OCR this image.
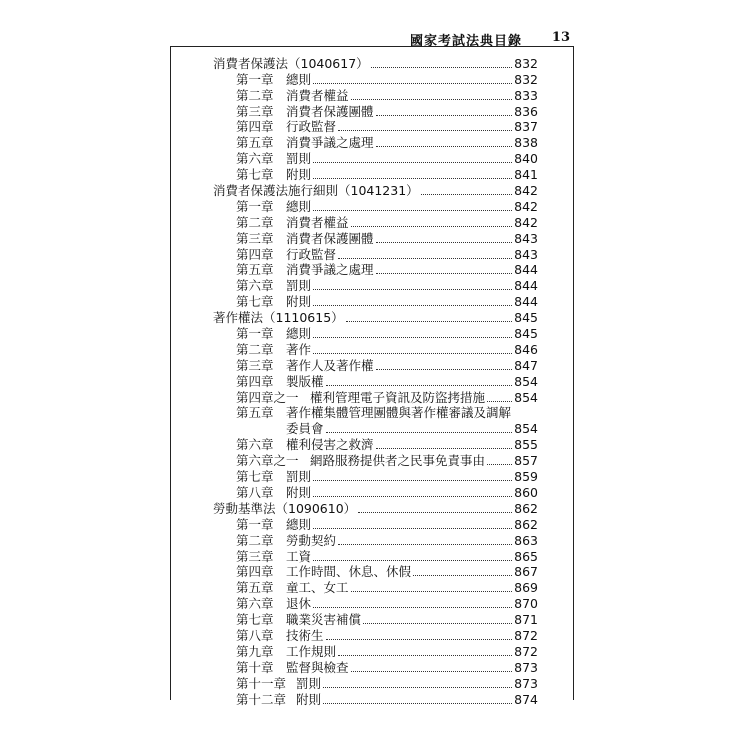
國家考試法典目錄 13
消費者保護法（1040617）	832
第一章 總則	832
第二章 消費者權益	833
第三章 消費者保護團體	836
第四章 行政監督	837
第五章 消費爭議之處理	838
第六章 罰則	840
第七章 附則	841
消費者保護法施行細則（1041231）	842
第一章 總則	842
第二章 消費者權益	842
第三章 消費者保護團體	843
第四章 行政監督	843
第五章 消費爭議之處理	844
第六章 罰則	844
第七章 附則	844
著作權法（1110615）	845
第一章 總則	845
第二章 著作	846
第三章 著作人及著作權	847
第四章 製版權	854
第四章之一 權利管理電子資訊及防盜拷措施 854
第五章 著作權集體管理團體與著作權審議及調解
委員會	854
第六章 權利侵害之救濟	855
第六章之一 網路服務提供者之民事免責事由 857
第七章 罰則	859
第八章 附則	860
勞動基準法（1090610）	862
第一章 總則	862
第二章 勞動契約	863
第三章 工資	865
第四章 工作時間、休息、休假	867
第五章 童工、女工	869
第六章 退休	870
第七章 職業災害補償	871
第八章 技術生	872
第九章 工作規則	872
第十章 監督與檢查	873
第十一章 罰則	873
第十二章 附則	874
